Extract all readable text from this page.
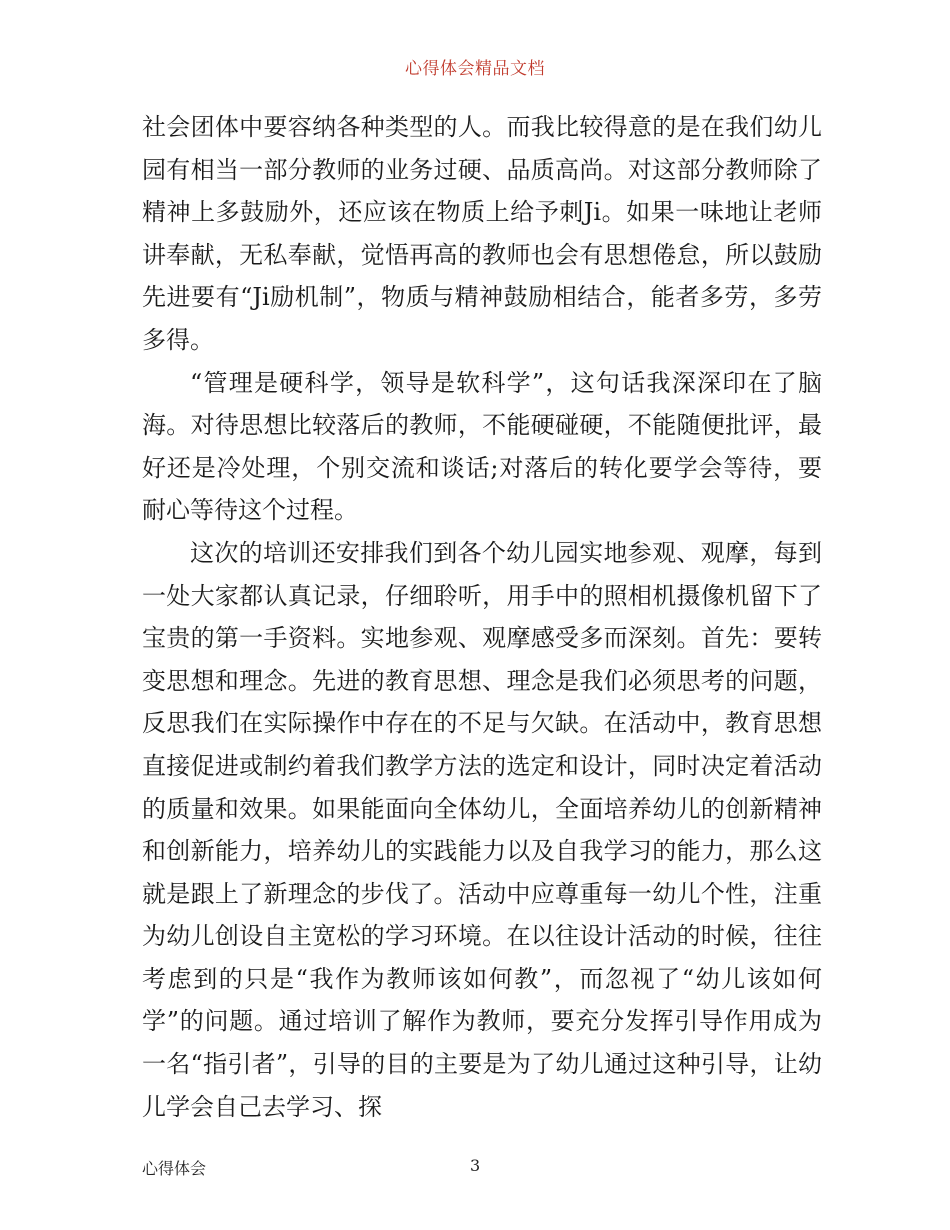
心得体会精品文档

社会团体中要容纳各种类型的人。而我比较得意的是在我们幼儿园有相当一部分教师的业务过硬、品质高尚。对这部分教师除了精神上多鼓励外，还应该在物质上给予刺Ji。如果一味地让老师讲奉献，无私奉献，觉悟再高的教师也会有思想倦怠，所以鼓励先进要有“Ji励机制”，物质与精神鼓励相结合，能者多劳，多劳多得。

“管理是硬科学，领导是软科学”，这句话我深深印在了脑海。对待思想比较落后的教师，不能硬碰硬，不能随便批评，最好还是冷处理，个别交流和谈话;对落后的转化要学会等待，要耐心等待这个过程。

这次的培训还安排我们到各个幼儿园实地参观、观摩，每到一处大家都认真记录，仔细聆听，用手中的照相机摄像机留下了宝贵的第一手资料。实地参观、观摩感受多而深刻。首先：要转变思想和理念。先进的教育思想、理念是我们必须思考的问题，反思我们在实际操作中存在的不足与欠缺。在活动中，教育思想直接促进或制约着我们教学方法的选定和设计，同时决定着活动的质量和效果。如果能面向全体幼儿，全面培养幼儿的创新精神和创新能力，培养幼儿的实践能力以及自我学习的能力，那么这就是跟上了新理念的步伐了。活动中应尊重每一幼儿个性，注重为幼儿创设自主宽松的学习环境。在以往设计活动的时候，往往考虑到的只是“我作为教师该如何教”，而忽视了“幼儿该如何学”的问题。通过培训了解作为教师，要充分发挥引导作用成为一名“指引者”，引导的目的主要是为了幼儿通过这种引导，让幼儿学会自己去学习、探

心得体会	3
